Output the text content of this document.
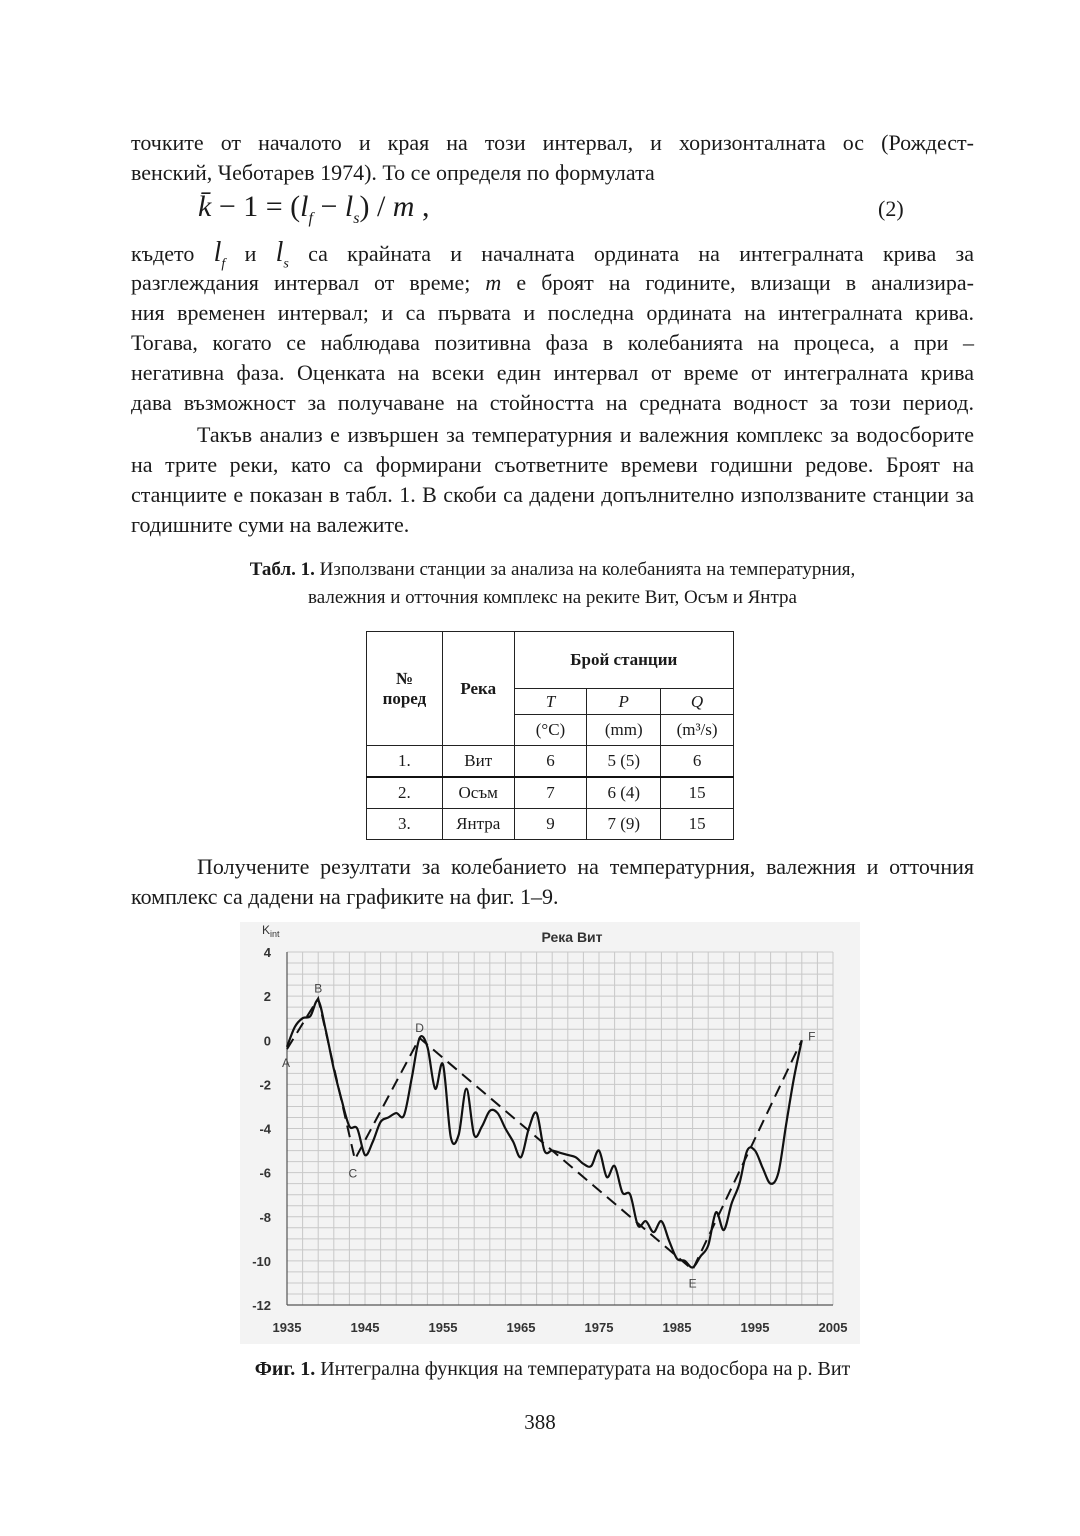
точките от началото и края на този интервал, и хоризонталната ос (Рождест-

венский, Чеботарев 1974). То се определя по формулата

k̄ − $1 = (l_f - l_s) / m$ ,	(2)

където $l_f$ и $l_s$ са крайната и началната ордината на интегралната крива за

разглеждания интервал от време; m е броят на годините, влизащи в анализира-

ния временен интервал; и са първата и последна ордината на интегралната крива.

Тогава, когато се наблюдава позитивна фаза в колебанията на процеса, а при –

негативна фаза. Оценката на всеки един интервал от време от интегралната крива

дава възможност за получаване на стойността на средната водност за този период.

Такъв анализ е извършен за температурния и валежния комплекс за водосборите на трите реки, като са формирани съответните времеви годишни редове. Броят на станциите е показан в табл. 1. В скоби са дадени допълнително използваните станции за годишните суми на валежите.

Табл. 1. Използвани станции за анализа на колебанията на температурния,
валежния и отточния комплекс на реките Вит, Осъм и Янтра

№
поред	Река	Брой станции		
		T	P	Q
		(°C)	(mm)	(m³/s)
1.	Вит	6	5 (5)	6
2.	Осъм	7	6 (4)	15
3.	Янтра	9	7 (9)	15

Получените резултати за колебанието на температурния, валежния и отточния комплекс са дадени на графиките на фиг. 1–9.

1935	1945	1955	1965	1975	1985	1995	2005
4
2
0
-2
-4
-6
-8
-10
-12
A
B
C
D
E
F
Река Вит
$K_{int}$

Фиг. 1. Интегрална функция на температурата на водосбора на р. Вит

388
